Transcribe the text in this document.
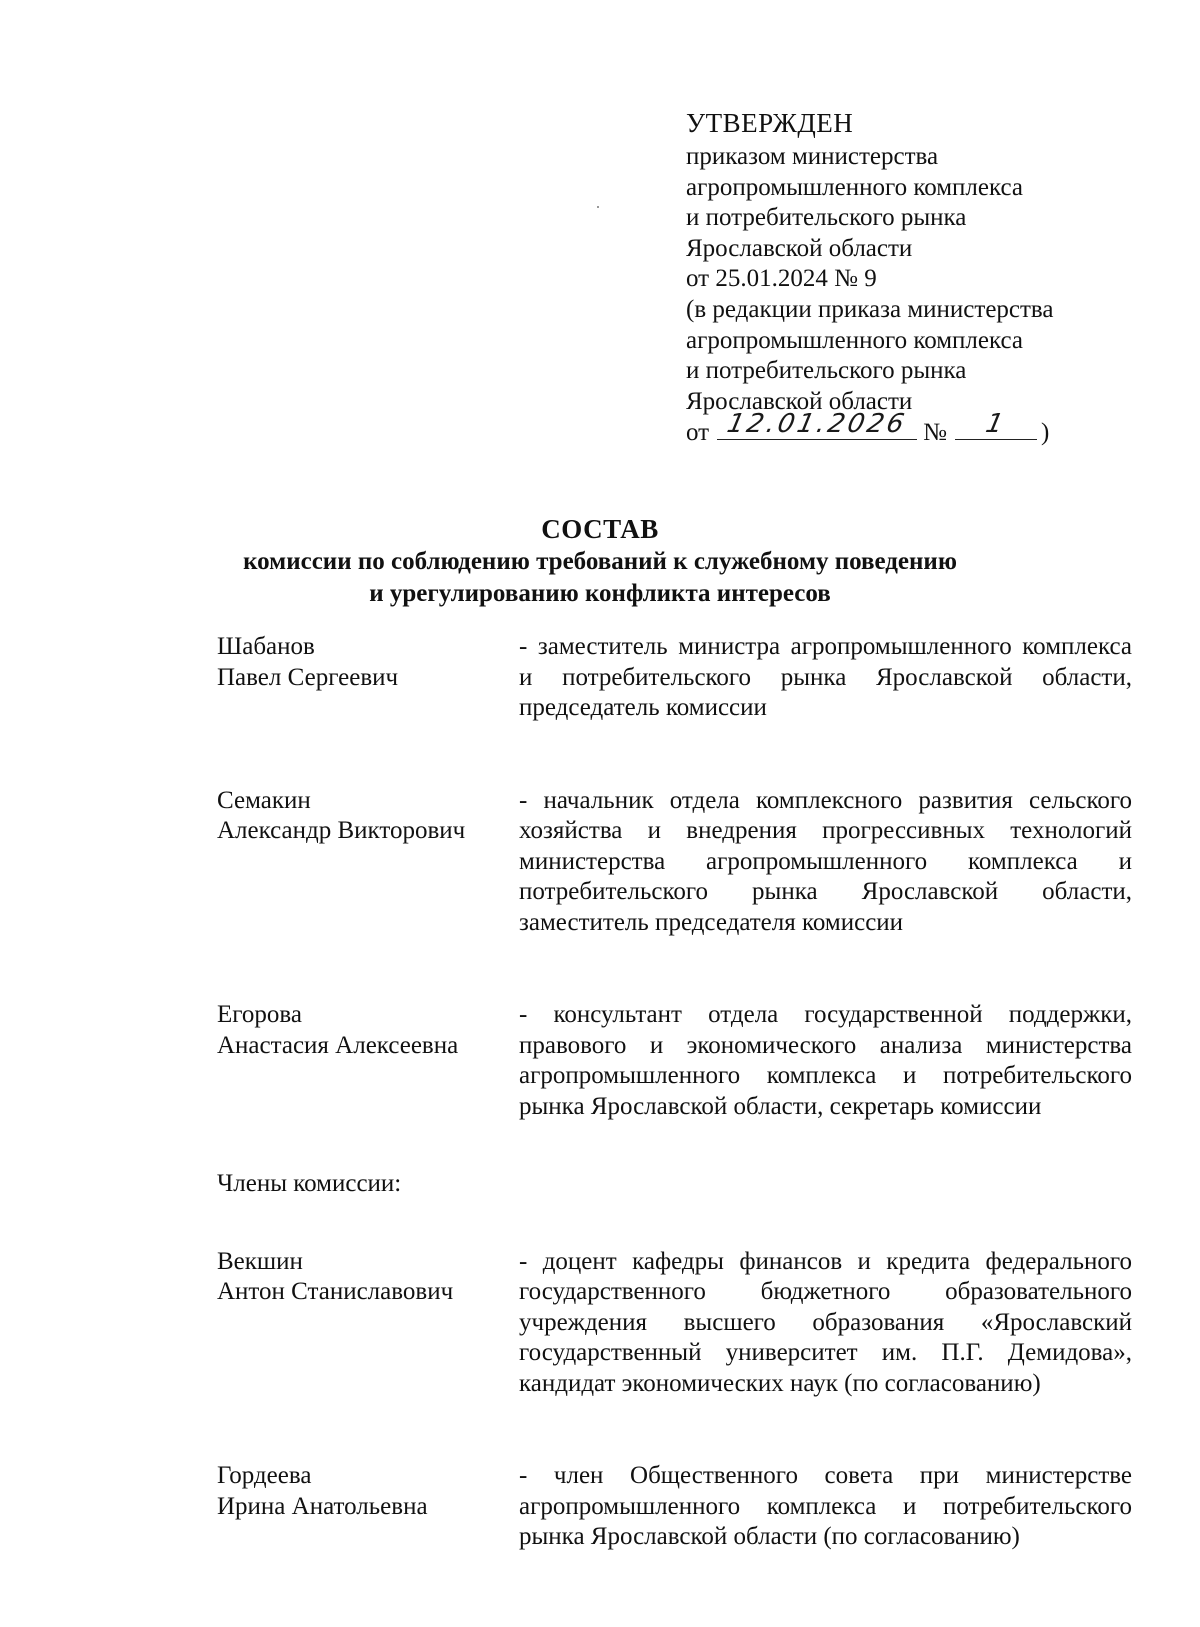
УТВЕРЖДЕН
приказом министерства
агропромышленного комплекса
и потребительского рынка
Ярославской области
от 25.01.2024 № 9
(в редакции приказа министерства
агропромышленного комплекса
и потребительского рынка
Ярославской области
от 12.01.2026 №	1	)
СОСТАВ
комиссии по соблюдению требований к служебному поведению
и урегулированию конфликта интересов
Шабанов
Павел Сергеевич
- заместитель министра агропромышленного комплекса и потребительского рынка Ярославской области, председатель комиссии
Семакин
Александр Викторович
- начальник отдела комплексного развития сельского хозяйства и внедрения прогрессивных технологий министерства агропромышленного комплекса и потребительского рынка Ярославской области, заместитель председателя комиссии
Егорова
Анастасия Алексеевна
- консультант отдела государственной поддержки, правового и экономического анализа министерства агропромышленного комплекса и потребительского рынка Ярославской области, секретарь комиссии
Члены комиссии:
Векшин
Антон Станиславович
- доцент кафедры финансов и кредита федерального государственного бюджетного образовательного учреждения высшего образования «Ярославский государственный университет им. П.Г. Демидова», кандидат экономических наук (по согласованию)
Гордеева
Ирина Анатольевна
- член Общественного совета при министерстве агропромышленного комплекса и потребительского рынка Ярославской области (по согласованию)
